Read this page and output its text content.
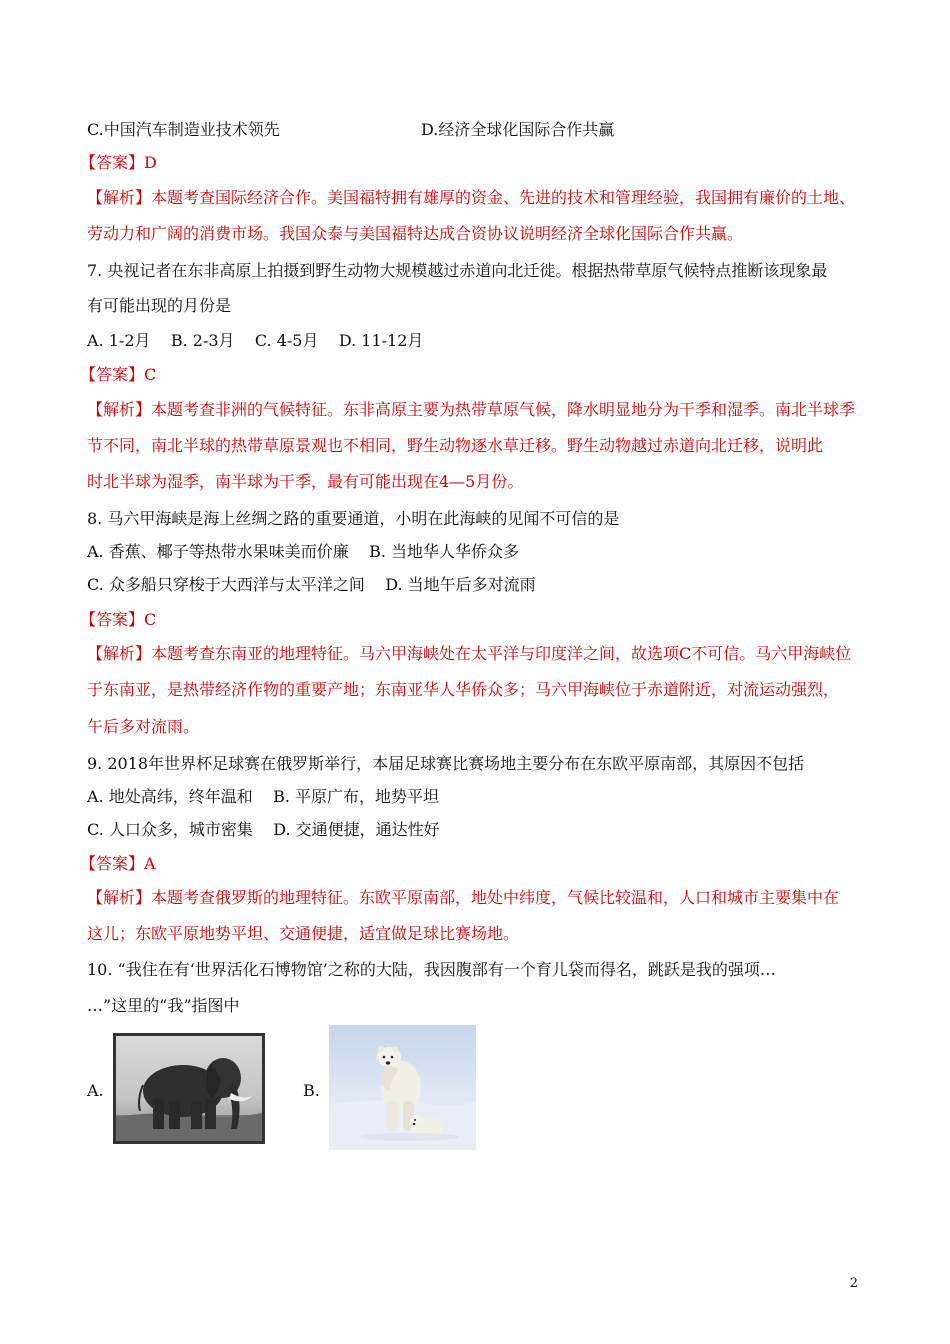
C.中国汽车制造业技术领先	D.经济全球化国际合作共赢
【答案】D
【解析】本题考查国际经济合作。美国福特拥有雄厚的资金、先进的技术和管理经验，我国拥有廉价的土地、
劳动力和广阔的消费市场。我国众泰与美国福特达成合资协议说明经济全球化国际合作共赢。
7. 央视记者在东非高原上拍摄到野生动物大规模越过赤道向北迁徙。根据热带草原气候特点推断该现象最
有可能出现的月份是
A. 1-2月    B. 2-3月    C. 4-5月    D. 11-12月
【答案】C
【解析】本题考查非洲的气候特征。东非高原主要为热带草原气候，降水明显地分为干季和湿季。南北半球季
节不同，南北半球的热带草原景观也不相同，野生动物逐水草迁移。野生动物越过赤道向北迁移，说明此
时北半球为湿季，南半球为干季，最有可能出现在4—5月份。
8. 马六甲海峡是海上丝绸之路的重要通道，小明在此海峡的见闻不可信的是
A. 香蕉、椰子等热带水果味美而价廉    B. 当地华人华侨众多
C. 众多船只穿梭于大西洋与太平洋之间    D. 当地午后多对流雨
【答案】C
【解析】本题考查东南亚的地理特征。马六甲海峡处在太平洋与印度洋之间，故选项C不可信。马六甲海峡位
于东南亚，是热带经济作物的重要产地；东南亚华人华侨众多；马六甲海峡位于赤道附近，对流运动强烈，
午后多对流雨。
9. 2018年世界杯足球赛在俄罗斯举行，本届足球赛比赛场地主要分布在东欧平原南部，其原因不包括
A. 地处高纬，终年温和    B. 平原广布，地势平坦
C. 人口众多，城市密集    D. 交通便捷，通达性好
【答案】A
【解析】本题考查俄罗斯的地理特征。东欧平原南部，地处中纬度，气候比较温和，人口和城市主要集中在
这儿；东欧平原地势平坦、交通便捷，适宜做足球比赛场地。
10. “我住在有‘世界活化石博物馆’之称的大陆，我因腹部有一个育儿袋而得名，跳跃是我的强项…
…”这里的“我”指图中
A.	B.
2
